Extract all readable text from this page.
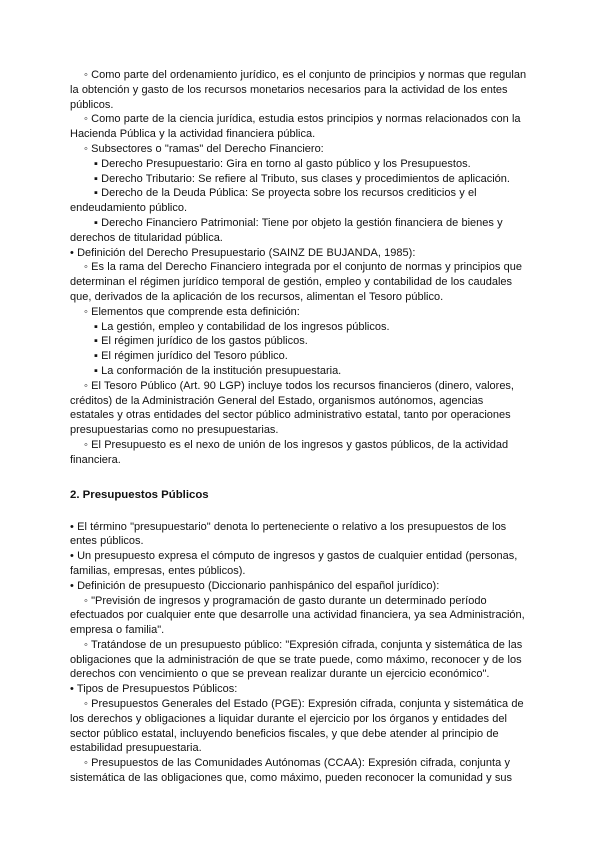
◦ Como parte del ordenamiento jurídico, es el conjunto de principios y normas que regulan la obtención y gasto de los recursos monetarios necesarios para la actividad de los entes públicos.

◦ Como parte de la ciencia jurídica, estudia estos principios y normas relacionados con la Hacienda Pública y la actividad financiera pública.

◦ Subsectores o "ramas" del Derecho Financiero:

▪ Derecho Presupuestario: Gira en torno al gasto público y los Presupuestos.

▪ Derecho Tributario: Se refiere al Tributo, sus clases y procedimientos de aplicación.

▪ Derecho de la Deuda Pública: Se proyecta sobre los recursos crediticios y el endeudamiento público.

▪ Derecho Financiero Patrimonial: Tiene por objeto la gestión financiera de bienes y derechos de titularidad pública.

• Definición del Derecho Presupuestario (SAINZ DE BUJANDA, 1985):

◦ Es la rama del Derecho Financiero integrada por el conjunto de normas y principios que determinan el régimen jurídico temporal de gestión, empleo y contabilidad de los caudales que, derivados de la aplicación de los recursos, alimentan el Tesoro público.

◦ Elementos que comprende esta definición:

▪ La gestión, empleo y contabilidad de los ingresos públicos.

▪ El régimen jurídico de los gastos públicos.

▪ El régimen jurídico del Tesoro público.

▪ La conformación de la institución presupuestaria.

◦ El Tesoro Público (Art. 90 LGP) incluye todos los recursos financieros (dinero, valores, créditos) de la Administración General del Estado, organismos autónomos, agencias estatales y otras entidades del sector público administrativo estatal, tanto por operaciones presupuestarias como no presupuestarias.

◦ El Presupuesto es el nexo de unión de los ingresos y gastos públicos, de la actividad financiera.

2. Presupuestos Públicos

• El término "presupuestario" denota lo perteneciente o relativo a los presupuestos de los entes públicos.

• Un presupuesto expresa el cómputo de ingresos y gastos de cualquier entidad (personas, familias, empresas, entes públicos).

• Definición de presupuesto (Diccionario panhispánico del español jurídico):

◦ "Previsión de ingresos y programación de gasto durante un determinado período efectuados por cualquier ente que desarrolle una actividad financiera, ya sea Administración, empresa o familia".

◦ Tratándose de un presupuesto público: "Expresión cifrada, conjunta y sistemática de las obligaciones que la administración de que se trate puede, como máximo, reconocer y de los derechos con vencimiento o que se prevean realizar durante un ejercicio económico".

• Tipos de Presupuestos Públicos:

◦ Presupuestos Generales del Estado (PGE): Expresión cifrada, conjunta y sistemática de los derechos y obligaciones a liquidar durante el ejercicio por los órganos y entidades del sector público estatal, incluyendo beneficios fiscales, y que debe atender al principio de estabilidad presupuestaria.

◦ Presupuestos de las Comunidades Autónomas (CCAA): Expresión cifrada, conjunta y sistemática de las obligaciones que, como máximo, pueden reconocer la comunidad y sus
